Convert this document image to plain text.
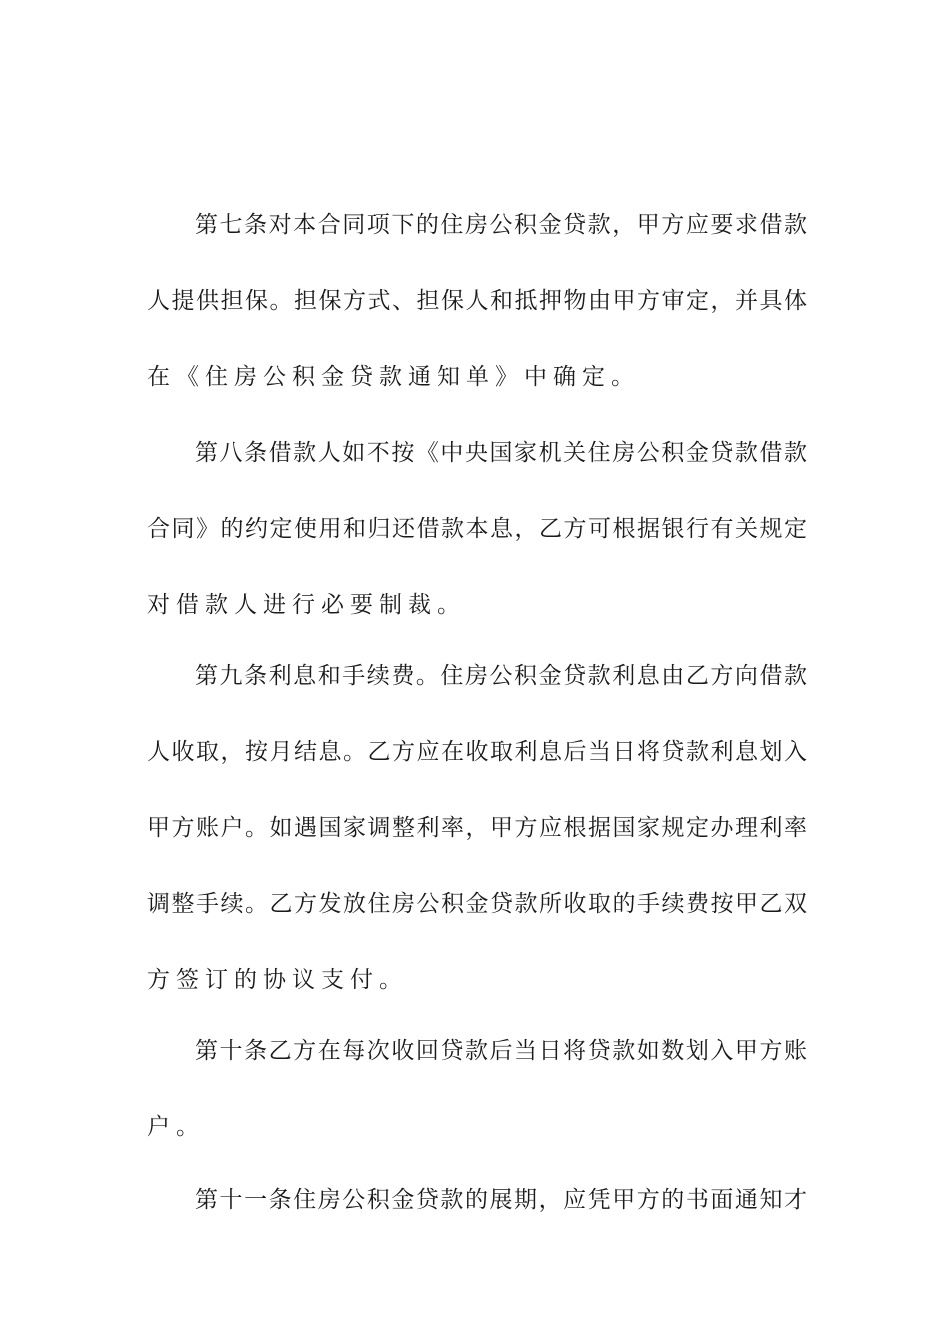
第七条对本合同项下的住房公积金贷款，甲方应要求借款
人提供担保。担保方式、担保人和抵押物由甲方审定，并具体
在《住房公积金贷款通知单》中确定。
第八条借款人如不按《中央国家机关住房公积金贷款借款
合同》的约定使用和归还借款本息，乙方可根据银行有关规定
对借款人进行必要制裁。
第九条利息和手续费。住房公积金贷款利息由乙方向借款
人收取，按月结息。乙方应在收取利息后当日将贷款利息划入
甲方账户。如遇国家调整利率，甲方应根据国家规定办理利率
调整手续。乙方发放住房公积金贷款所收取的手续费按甲乙双
方签订的协议支付。
第十条乙方在每次收回贷款后当日将贷款如数划入甲方账
户。
第十一条住房公积金贷款的展期，应凭甲方的书面通知才
